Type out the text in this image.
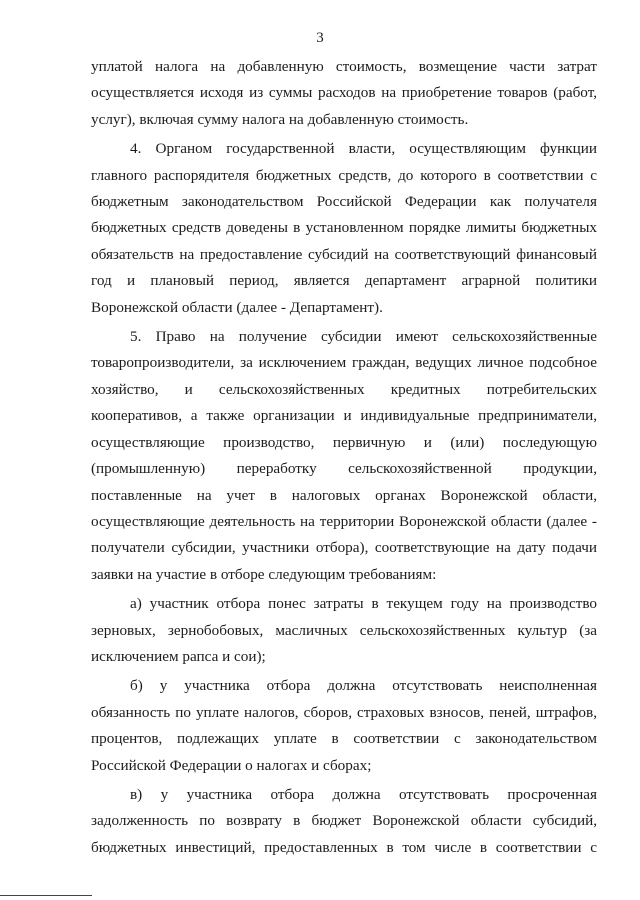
3

уплатой налога на добавленную стоимость, возмещение части затрат осуществляется исходя из суммы расходов на приобретение товаров (работ, услуг), включая сумму налога на добавленную стоимость.

4. Органом государственной власти, осуществляющим функции главного распорядителя бюджетных средств, до которого в соответствии с бюджетным законодательством Российской Федерации как получателя бюджетных средств доведены в установленном порядке лимиты бюджетных обязательств на предоставление субсидий на соответствующий финансовый год и плановый период, является департамент аграрной политики Воронежской области (далее - Департамент).

5. Право на получение субсидии имеют сельскохозяйственные товаропроизводители, за исключением граждан, ведущих личное подсобное хозяйство, и сельскохозяйственных кредитных потребительских кооперативов, а также организации и индивидуальные предприниматели, осуществляющие производство, первичную и (или) последующую (промышленную) переработку сельскохозяйственной продукции, поставленные на учет в налоговых органах Воронежской области, осуществляющие деятельность на территории Воронежской области (далее - получатели субсидии, участники отбора), соответствующие на дату подачи заявки на участие в отборе следующим требованиям:

а) участник отбора понес затраты в текущем году на производство зерновых, зернобобовых, масличных сельскохозяйственных культур (за исключением рапса и сои);

б) у участника отбора должна отсутствовать неисполненная обязанность по уплате налогов, сборов, страховых взносов, пеней, штрафов, процентов, подлежащих уплате в соответствии с законодательством Российской Федерации о налогах и сборах;

в) у участника отбора должна отсутствовать просроченная задолженность по возврату в бюджет Воронежской области субсидий, бюджетных инвестиций, предоставленных в том числе в соответствии с
